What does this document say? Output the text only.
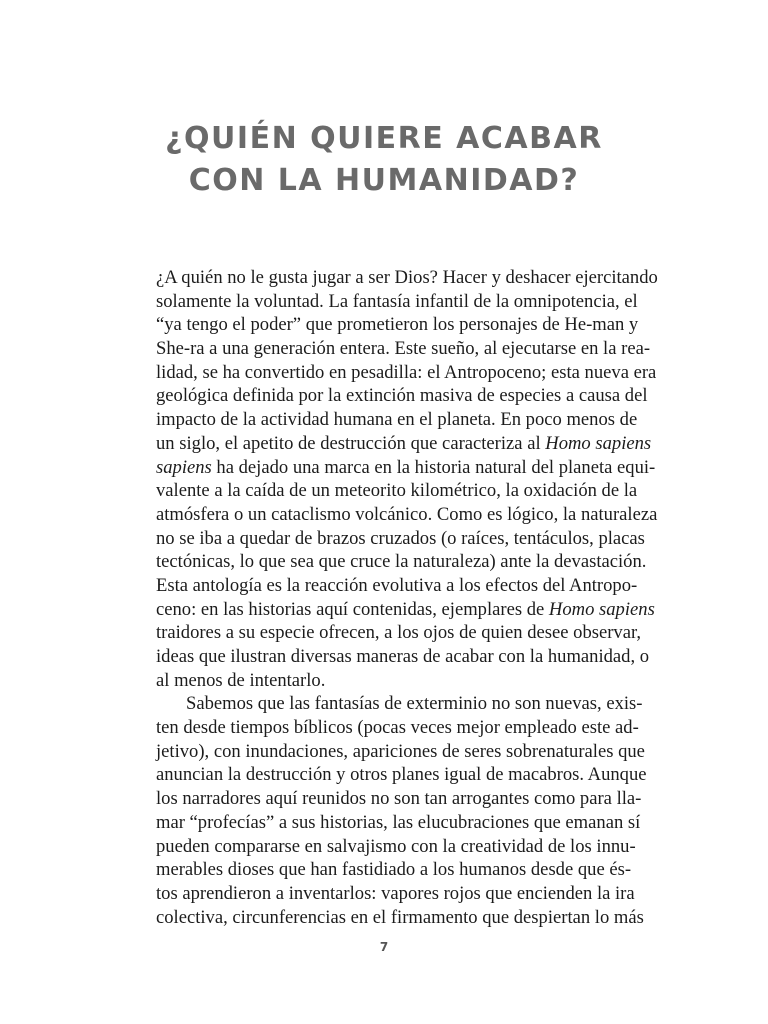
¿QUIÉN QUIERE ACABAR
CON LA HUMANIDAD?
¿A quién no le gusta jugar a ser Dios? Hacer y deshacer ejercitando
solamente la voluntad. La fantasía infantil de la omnipotencia, el
“ya tengo el poder” que prometieron los personajes de He-man y
She-ra a una generación entera. Este sueño, al ejecutarse en la rea-
lidad, se ha convertido en pesadilla: el Antropoceno; esta nueva era
geológica definida por la extinción masiva de especies a causa del
impacto de la actividad humana en el planeta. En poco menos de
un siglo, el apetito de destrucción que caracteriza al Homo sapiens
sapiens ha dejado una marca en la historia natural del planeta equi-
valente a la caída de un meteorito kilométrico, la oxidación de la
atmósfera o un cataclismo volcánico. Como es lógico, la naturaleza
no se iba a quedar de brazos cruzados (o raíces, tentáculos, placas
tectónicas, lo que sea que cruce la naturaleza) ante la devastación.
Esta antología es la reacción evolutiva a los efectos del Antropo-
ceno: en las historias aquí contenidas, ejemplares de Homo sapiens
traidores a su especie ofrecen, a los ojos de quien desee observar,
ideas que ilustran diversas maneras de acabar con la humanidad, o
al menos de intentarlo.
Sabemos que las fantasías de exterminio no son nuevas, exis-
ten desde tiempos bíblicos (pocas veces mejor empleado este ad-
jetivo), con inundaciones, apariciones de seres sobrenaturales que
anuncian la destrucción y otros planes igual de macabros. Aunque
los narradores aquí reunidos no son tan arrogantes como para lla-
mar “profecías” a sus historias, las elucubraciones que emanan sí
pueden compararse en salvajismo con la creatividad de los innu-
merables dioses que han fastidiado a los humanos desde que és-
tos aprendieron a inventarlos: vapores rojos que encienden la ira
colectiva, circunferencias en el firmamento que despiertan lo más
7
